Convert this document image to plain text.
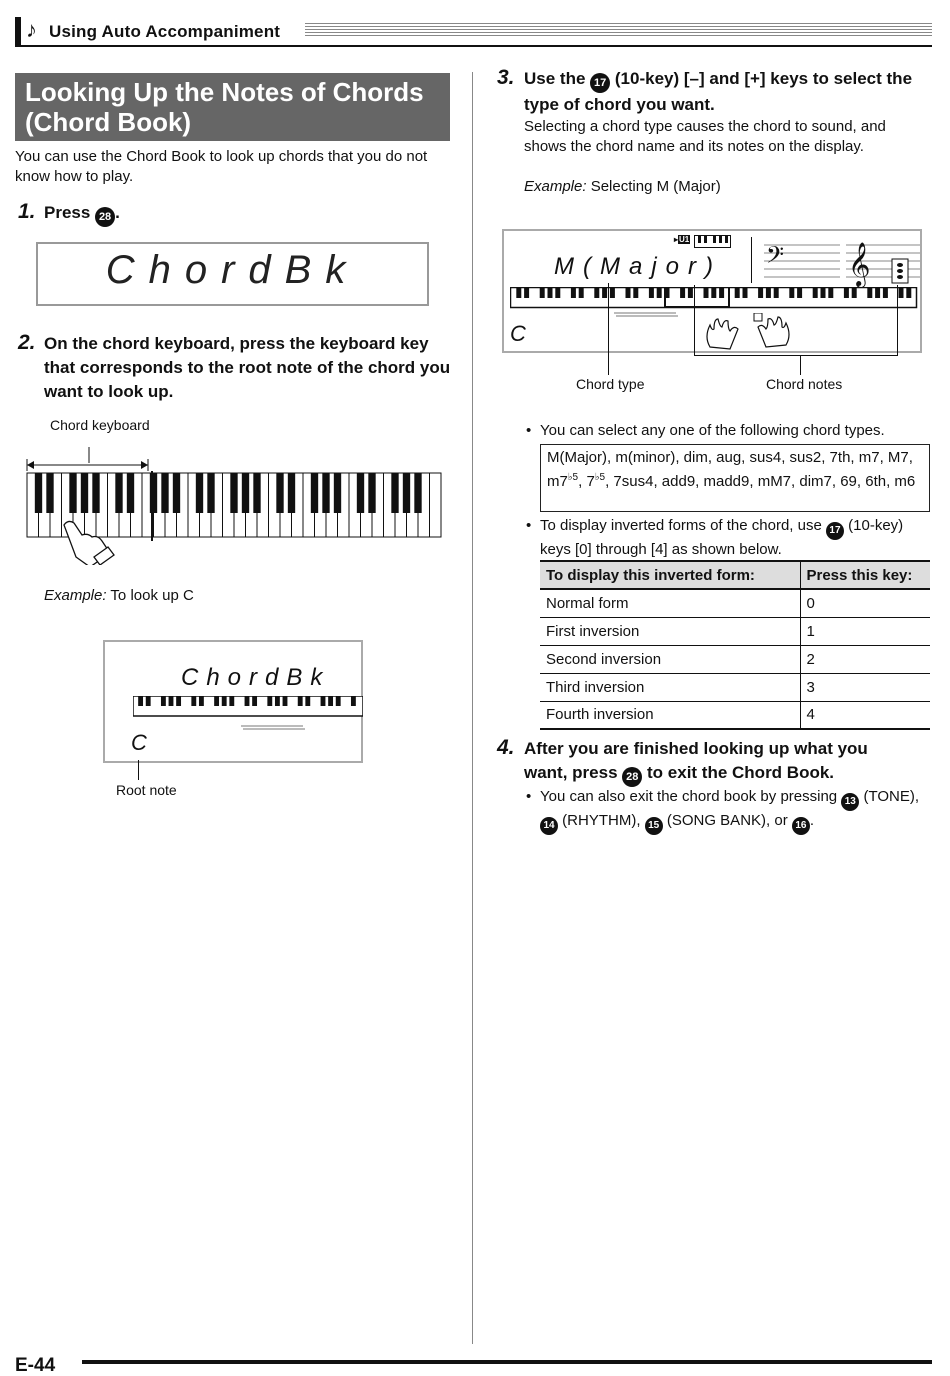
♪ Using Auto Accompaniment
Looking Up the Notes of Chords
(Chord Book)
You can use the Chord Book to look up chords that you do not know how to play.
1. Press 28 .
ChordBk
2. On the chord keyboard, press the keyboard key that corresponds to the root note of the chord you want to look up.
Chord keyboard
Example: To look up C
ChordBk
C
Root note
3. Use the 17 (10-key) [–] and [+] keys to select the type of chord you want.
Selecting a chord type causes the chord to sound, and shows the chord name and its notes on the display.
Example: Selecting M (Major)
M(Major)
▸U1
𝄢 𝄞
C
Chord type	Chord notes
• You can select any one of the following chord types.
M(Major), m(minor), dim, aug, sus4, sus2, 7th, m7, M7, $m7^{♭5}$, $7^{♭5}$, 7sus4, add9, madd9, mM7, dim7, 69, 6th, m6
• To display inverted forms of the chord, use 17 (10-key) keys [0] through [4] as shown below.
To display this inverted form:	Press this key:
Normal form	0
First inversion	1
Second inversion	2
Third inversion	3
Fourth inversion	4
4. After you are finished looking up what you want, press 28 to exit the Chord Book.
• You can also exit the chord book by pressing 13 (TONE), 14 (RHYTHM), 15 (SONG BANK), or 16 .
E-44
